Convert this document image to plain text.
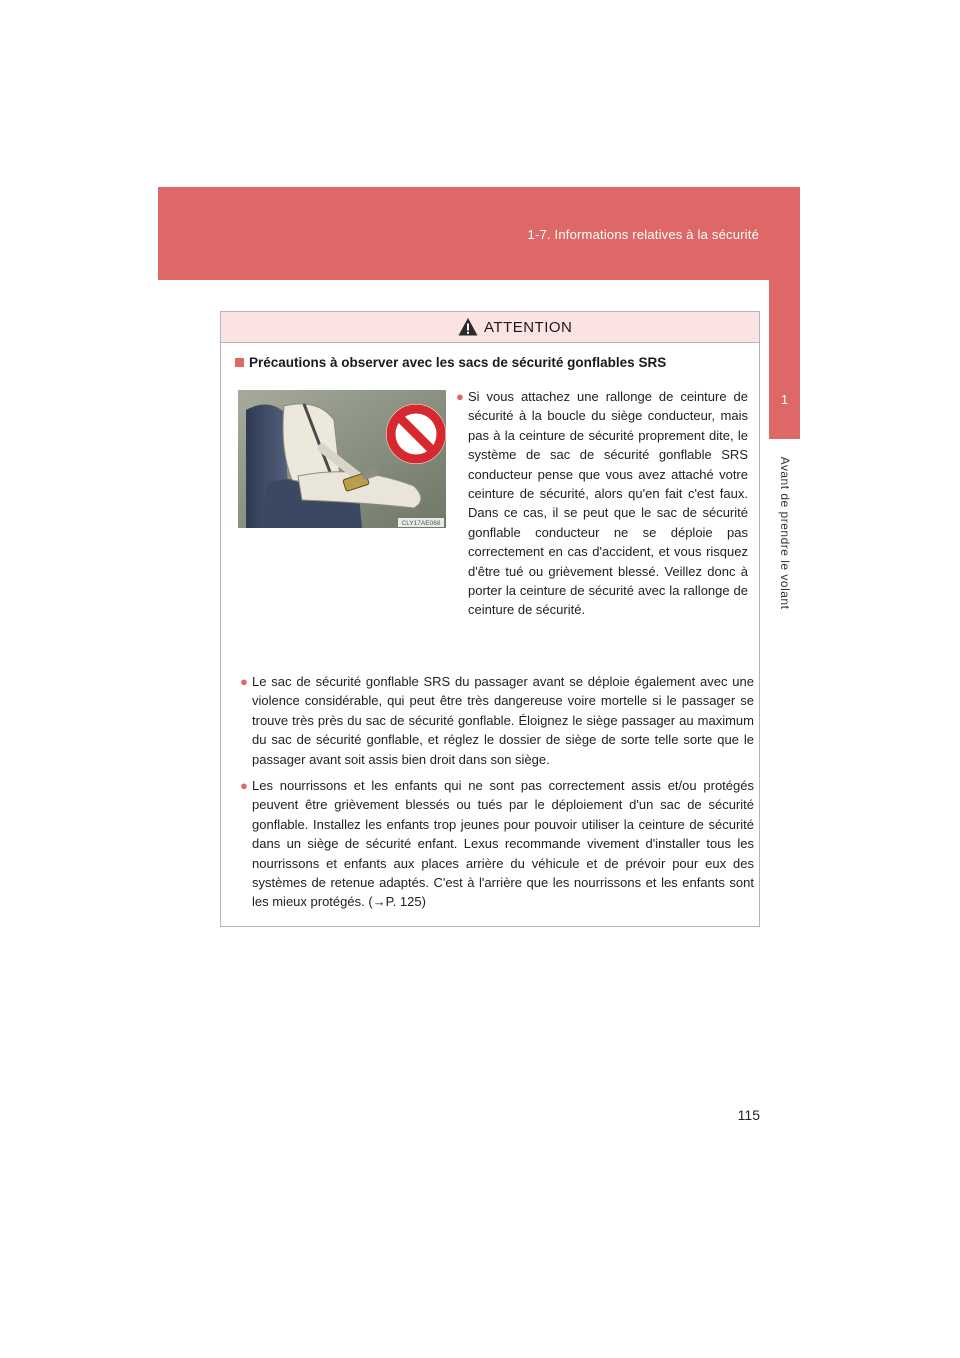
1-7. Informations relatives à la sécurité
1
Avant de prendre le volant
ATTENTION
Précautions à observer avec les sacs de sécurité gonflables SRS
CLY17AE068
● Si vous attachez une rallonge de ceinture de sécurité à la boucle du siège conducteur, mais pas à la ceinture de sécurité proprement dite, le système de sac de sécurité gonflable SRS conducteur pense que vous avez attaché votre ceinture de sécurité, alors qu'en fait c'est faux. Dans ce cas, il se peut que le sac de sécurité gonflable conducteur ne se déploie pas correctement en cas d'accident, et vous risquez d'être tué ou grièvement blessé. Veillez donc à porter la ceinture de sécurité avec la rallonge de ceinture de sécurité.
● Le sac de sécurité gonflable SRS du passager avant se déploie également avec une violence considérable, qui peut être très dangereuse voire mortelle si le passager se trouve très près du sac de sécurité gonflable. Éloignez le siège passager au maximum du sac de sécurité gonflable, et réglez le dossier de siège de sorte telle sorte que le passager avant soit assis bien droit dans son siège.
● Les nourrissons et les enfants qui ne sont pas correctement assis et/ou protégés peuvent être grièvement blessés ou tués par le déploiement d'un sac de sécurité gonflable. Installez les enfants trop jeunes pour pouvoir utiliser la ceinture de sécurité dans un siège de sécurité enfant. Lexus recommande vivement d'installer tous les nourrissons et enfants aux places arrière du véhicule et de prévoir pour eux des systèmes de retenue adaptés. C'est à l'arrière que les nourrissons et les enfants sont les mieux protégés. (→P. 125)
115
